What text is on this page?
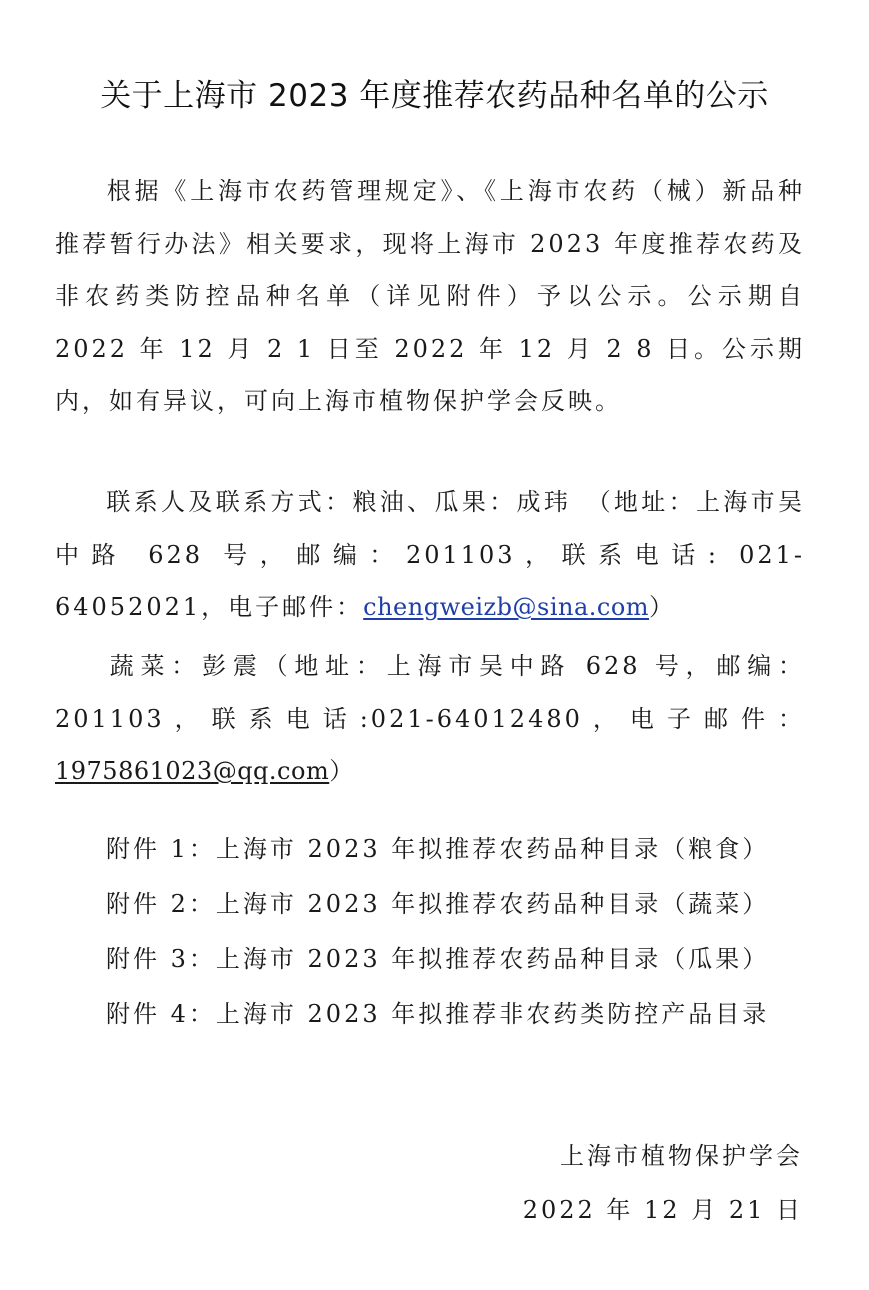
关于上海市 2023 年度推荐农药品种名单的公示
根据《上海市农药管理规定》、《上海市农药（械）新品种推荐暂行办法》相关要求，现将上海市 2023 年度推荐农药及非农药类防控品种名单（详见附件）予以公示。公示期自 2022 年 12 月 2 1 日至 2022 年 12 月 2 8 日。公示期内，如有异议，可向上海市植物保护学会反映。
联系人及联系方式：粮油、瓜果：成玮　（地址：上海市吴中路 628 号，邮编：201103，联系电话: 021-64052021，电子邮件：chengweizb@sina.com）
蔬菜：彭震（地址：上海市吴中路 628 号，邮编：201103，联系电话:021-64012480，电子邮件：1975861023@qq.com）
附件 1：上海市 2023 年拟推荐农药品种目录（粮食）
附件 2：上海市 2023 年拟推荐农药品种目录（蔬菜）
附件 3：上海市 2023 年拟推荐农药品种目录（瓜果）
附件 4：上海市 2023 年拟推荐非农药类防控产品目录
上海市植物保护学会
2022 年 12 月 21 日
